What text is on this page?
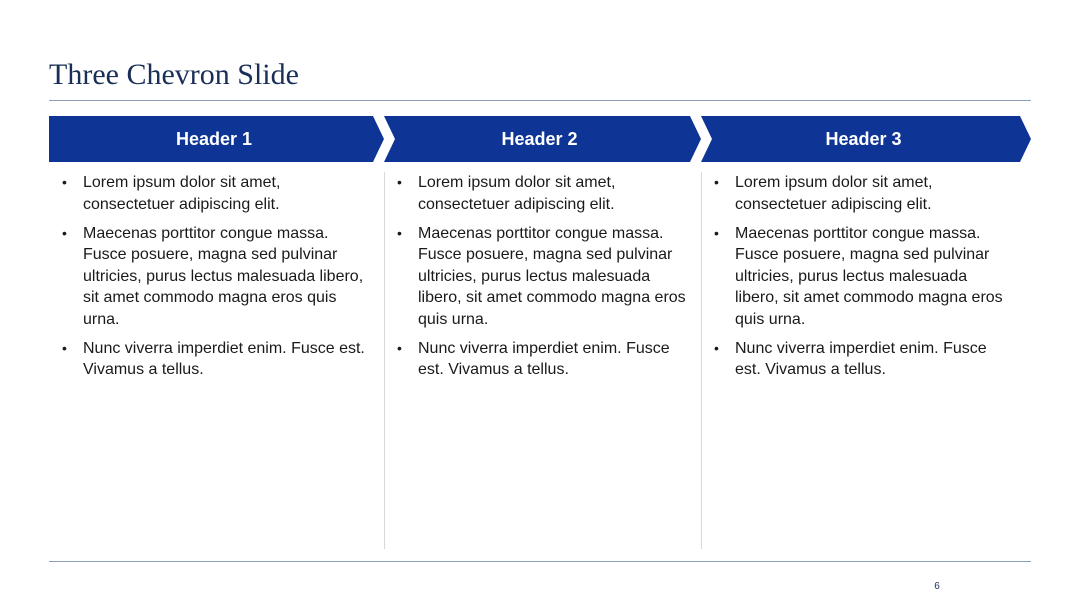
Three Chevron Slide
Header 1	Header 2	Header 3
• Lorem ipsum dolor sit amet, consectetuer adipiscing elit.
• Maecenas porttitor congue massa. Fusce posuere, magna sed pulvinar ultricies, purus lectus malesuada libero, sit amet commodo magna eros quis urna.
• Nunc viverra imperdiet enim. Fusce est. Vivamus a tellus.
• Lorem ipsum dolor sit amet, consectetuer adipiscing elit.
• Maecenas porttitor congue massa. Fusce posuere, magna sed pulvinar ultricies, purus lectus malesuada libero, sit amet commodo magna eros quis urna.
• Nunc viverra imperdiet enim. Fusce est. Vivamus a tellus.
• Lorem ipsum dolor sit amet, consectetuer adipiscing elit.
• Maecenas porttitor congue massa. Fusce posuere, magna sed pulvinar ultricies, purus lectus malesuada libero, sit amet commodo magna eros quis urna.
• Nunc viverra imperdiet enim. Fusce est. Vivamus a tellus.
6
